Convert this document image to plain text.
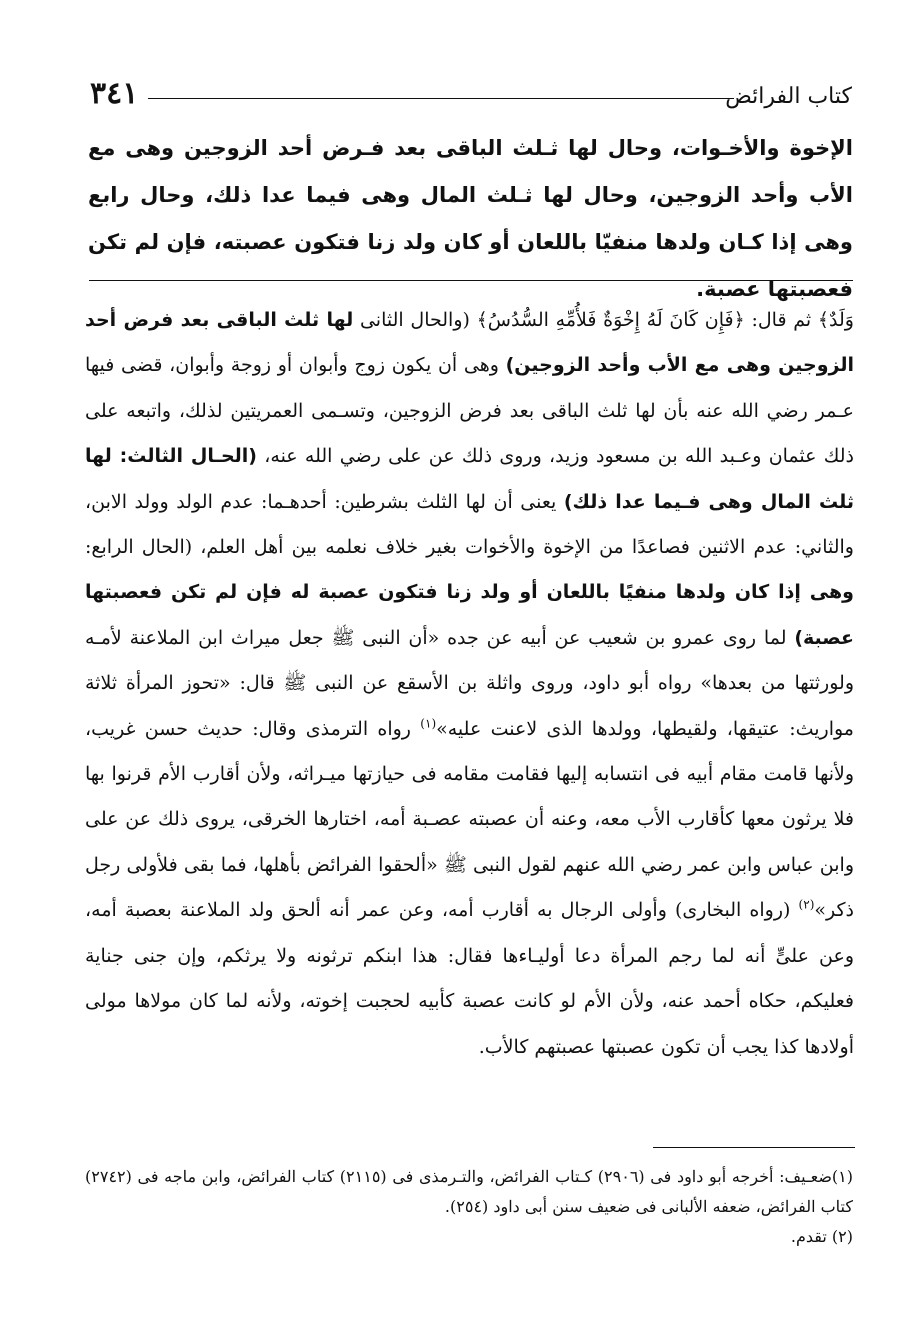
كتاب الفرائض
٣٤١

الإخوة والأخـوات، وحال لها ثـلث الباقى بعد فـرض أحد الزوجين وهى مع الأب وأحد الزوجين، وحال لها ثـلث المال وهى فيما عدا ذلك، وحال رابع وهى إذا كـان ولدها منفيّا باللعان أو كان ولد زنا فتكون عصبته، فإن لم تكن فعصبتها عصبة.

وَلَدٌ﴾ ثم قال: ﴿فَإِن كَانَ لَهُ إِخْوَةٌ فَلأُمِّهِ السُّدُسُ﴾ (والحال الثانى لها ثلث الباقى بعد فرض أحد الزوجين وهى مع الأب وأحد الزوجين) وهى أن يكون زوج وأبوان أو زوجة وأبوان، قضى فيها عـمر رضي الله عنه بأن لها ثلث الباقى بعد فرض الزوجين، وتسـمى العمريتين لذلك، واتبعه على ذلك عثمان وعـبد الله بن مسعود وزيد، وروى ذلك عن على رضي الله عنه، (الحـال الثالث: لها ثلث المال وهى فـيما عدا ذلك) يعنى أن لها الثلث بشرطين: أحدهـما: عدم الولد وولد الابن، والثاني: عدم الاثنين فصاعدًا من الإخوة والأخوات بغير خلاف نعلمه بين أهل العلم، (الحال الرابع: وهى إذا كان ولدها منفيًا باللعان أو ولد زنا فتكون عصبة له فإن لم تكن فعصبتها عصبة) لما روى عمرو بن شعيب عن أبيه عن جده «أن النبى ﷺ جعل ميراث ابن الملاعنة لأمـه ولورثتها من بعدها» رواه أبو داود، وروى واثلة بن الأسقع عن النبى ﷺ قال: «تحوز المرأة ثلاثة مواريث: عتيقها، ولقيطها، وولدها الذى لاعنت عليه»$^{(١)}$ رواه الترمذى وقال: حديث حسن غريب، ولأنها قامت مقام أبيه فى انتسابه إليها فقامت مقامه فى حيازتها ميـراثه، ولأن أقارب الأم قرنوا بها فلا يرثون معها كأقارب الأب معه، وعنه أن عصبته عصـبة أمه، اختارها الخرقى، يروى ذلك عن على وابن عباس وابن عمر رضي الله عنهم لقول النبى ﷺ «ألحقوا الفرائض بأهلها، فما بقى فلأولى رجل ذكر»$^{(٢)}$ (رواه البخارى) وأولى الرجال به أقارب أمه، وعن عمر أنه ألحق ولد الملاعنة بعصبة أمه، وعن علىٍّ أنه لما رجم المرأة دعا أوليـاءها فقال: هذا ابنكم ترثونه ولا يرثكم، وإن جنى جناية فعليكم، حكاه أحمد عنه، ولأن الأم لو كانت عصبة كأبيه لحجبت إخوته، ولأنه لما كان مولاها مولى أولادها كذا يجب أن تكون عصبتها عصبتهم كالأب.

(١)ضعـيف: أخرجه أبو داود فى (٢٩٠٦) كـتاب الفرائض، والتـرمذى فى (٢١١٥) كتاب الفرائض، وابن ماجه فى (٢٧٤٢) كتاب الفرائض، ضعفه الألبانى فى ضعيف سنن أبى داود (٢٥٤).

(٢) تقدم.
